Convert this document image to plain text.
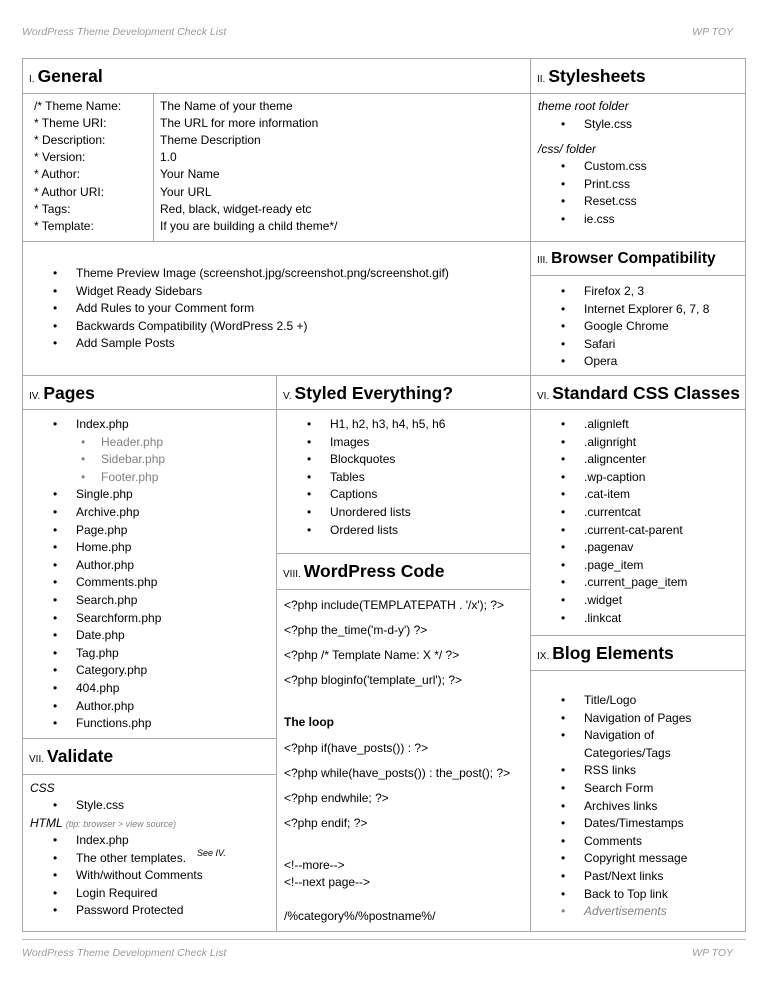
WordPress Theme Development Check List	WP TOY
WordPress Theme Development Check List	WP TOY
I. General
/* Theme Name:	The Name of your theme
* Theme URI:	The URL for more information
* Description:	Theme Description
* Version:	1.0
* Author:	Your Name
* Author URI:	Your URL
* Tags:	Red, black, widget-ready etc
* Template:	If you are building a child theme*/
• Theme Preview Image (screenshot.jpg/screenshot.png/screenshot.gif)
• Widget Ready Sidebars
• Add Rules to your Comment form
• Backwards Compatibility (WordPress 2.5 +)
• Add Sample Posts
II. Stylesheets
theme root folder
• Style.css
/css/ folder
• Custom.css
• Print.css
• Reset.css
• ie.css
III. Browser Compatibility
• Firefox 2, 3
• Internet Explorer 6, 7, 8
• Google Chrome
• Safari
• Opera
IV. Pages
• Index.php
• Header.php
• Sidebar.php
• Footer.php
• Single.php
• Archive.php
• Page.php
• Home.php
• Author.php
• Comments.php
• Search.php
• Searchform.php
• Date.php
• Tag.php
• Category.php
• 404.php
• Author.php
• Functions.php
VII. Validate
CSS
• Style.css
HTML (tip: browser > view source)
• Index.php
• The other templates.
• With/without Comments
• Login Required
• Password Protected
See IV.
V. Styled Everything?
• H1, h2, h3, h4, h5, h6
• Images
• Blockquotes
• Tables
• Captions
• Unordered lists
• Ordered lists
VIII. WordPress Code
<?php include(TEMPLATEPATH . '/x'); ?>
<?php the_time('m-d-y') ?>
<?php /* Template Name: X */ ?>
<?php bloginfo('template_url'); ?>
The loop
<?php if(have_posts()) : ?>
<?php while(have_posts()) : the_post(); ?>
<?php endwhile; ?>
<?php endif; ?>
<!--more-->
<!--next page-->
/%category%/%postname%/
VI. Standard CSS Classes
• .alignleft
• .alignright
• .aligncenter
• .wp-caption
• .cat-item
• .currentcat
• .current-cat-parent
• .pagenav
• .page_item
• .current_page_item
• .widget
• .linkcat
IX. Blog Elements
• Title/Logo
• Navigation of Pages
• Navigation of
Categories/Tags
• RSS links
• Search Form
• Archives links
• Dates/Timestamps
• Comments
• Copyright message
• Past/Next links
• Back to Top link
• Advertisements
